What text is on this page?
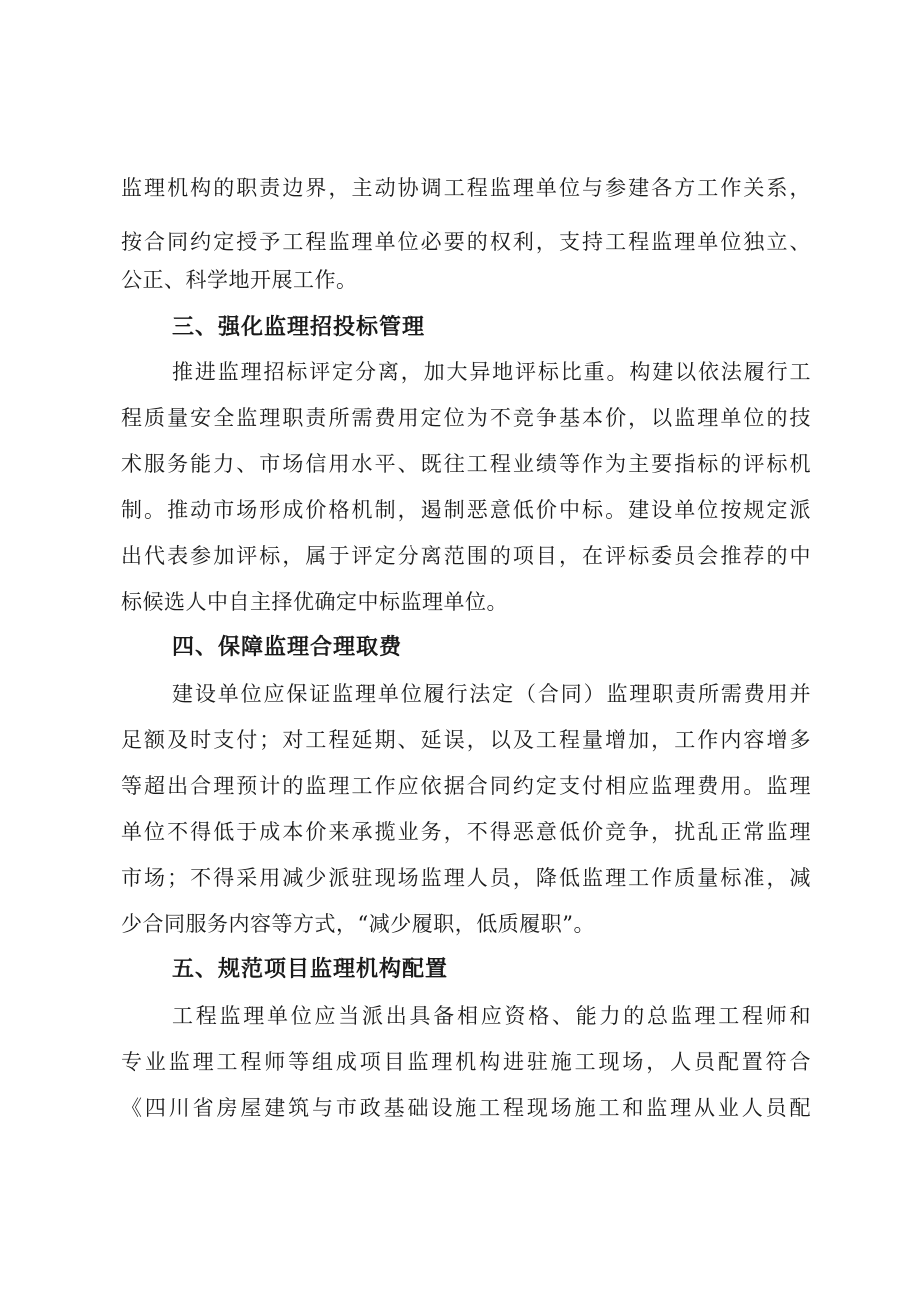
监理机构的职责边界，主动协调工程监理单位与参建各方工作关系，
按合同约定授予工程监理单位必要的权利，支持工程监理单位独立、
公正、科学地开展工作。
三、强化监理招投标管理
推进监理招标评定分离，加大异地评标比重。构建以依法履行工
程质量安全监理职责所需费用定位为不竞争基本价，以监理单位的技
术服务能力、市场信用水平、既往工程业绩等作为主要指标的评标机
制。推动市场形成价格机制，遏制恶意低价中标。建设单位按规定派
出代表参加评标，属于评定分离范围的项目，在评标委员会推荐的中
标候选人中自主择优确定中标监理单位。
四、保障监理合理取费
建设单位应保证监理单位履行法定（合同）监理职责所需费用并
足额及时支付；对工程延期、延误，以及工程量增加，工作内容增多
等超出合理预计的监理工作应依据合同约定支付相应监理费用。监理
单位不得低于成本价来承揽业务，不得恶意低价竞争，扰乱正常监理
市场；不得采用减少派驻现场监理人员，降低监理工作质量标准，减
少合同服务内容等方式，“减少履职，低质履职”。
五、规范项目监理机构配置
工程监理单位应当派出具备相应资格、能力的总监理工程师和
专业监理工程师等组成项目监理机构进驻施工现场，人员配置符合
《四川省房屋建筑与市政基础设施工程现场施工和监理从业人员配
